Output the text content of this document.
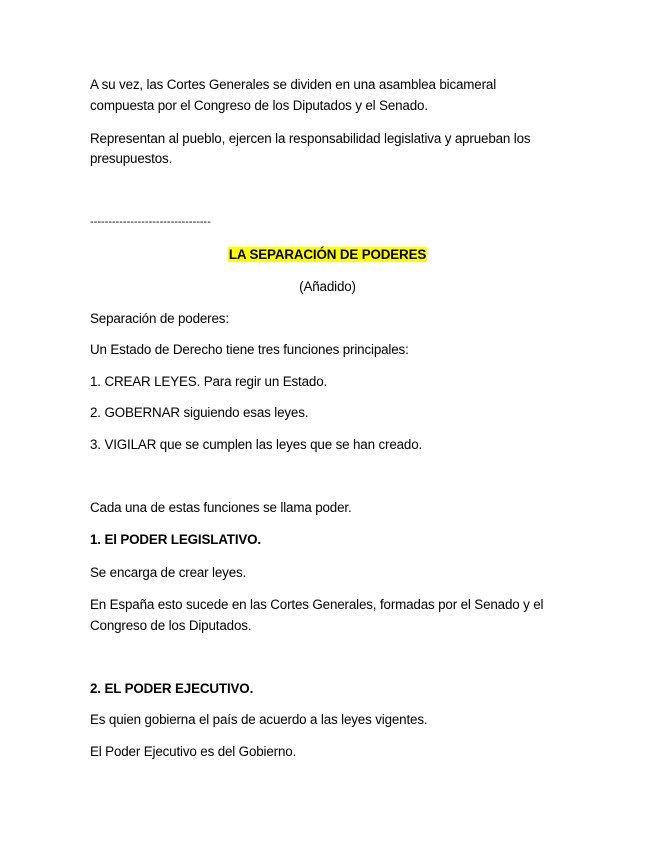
A su vez, las Cortes Generales se dividen en una asamblea bicameral
compuesta por el Congreso de los Diputados y el Senado.
Representan al pueblo, ejercen la responsabilidad legislativa y aprueban los
presupuestos.
---------------------------------
LA SEPARACIÓN DE PODERES
(Añadido)
Separación de poderes:
Un Estado de Derecho tiene tres funciones principales:
1. CREAR LEYES. Para regir un Estado.
2. GOBERNAR siguiendo esas leyes.
3. VIGILAR que se cumplen las leyes que se han creado.
Cada una de estas funciones se llama poder.
1. El PODER LEGISLATIVO.
Se encarga de crear leyes.
En España esto sucede en las Cortes Generales, formadas por el Senado y el
Congreso de los Diputados.
2. EL PODER EJECUTIVO.
Es quien gobierna el país de acuerdo a las leyes vigentes.
El Poder Ejecutivo es del Gobierno.
